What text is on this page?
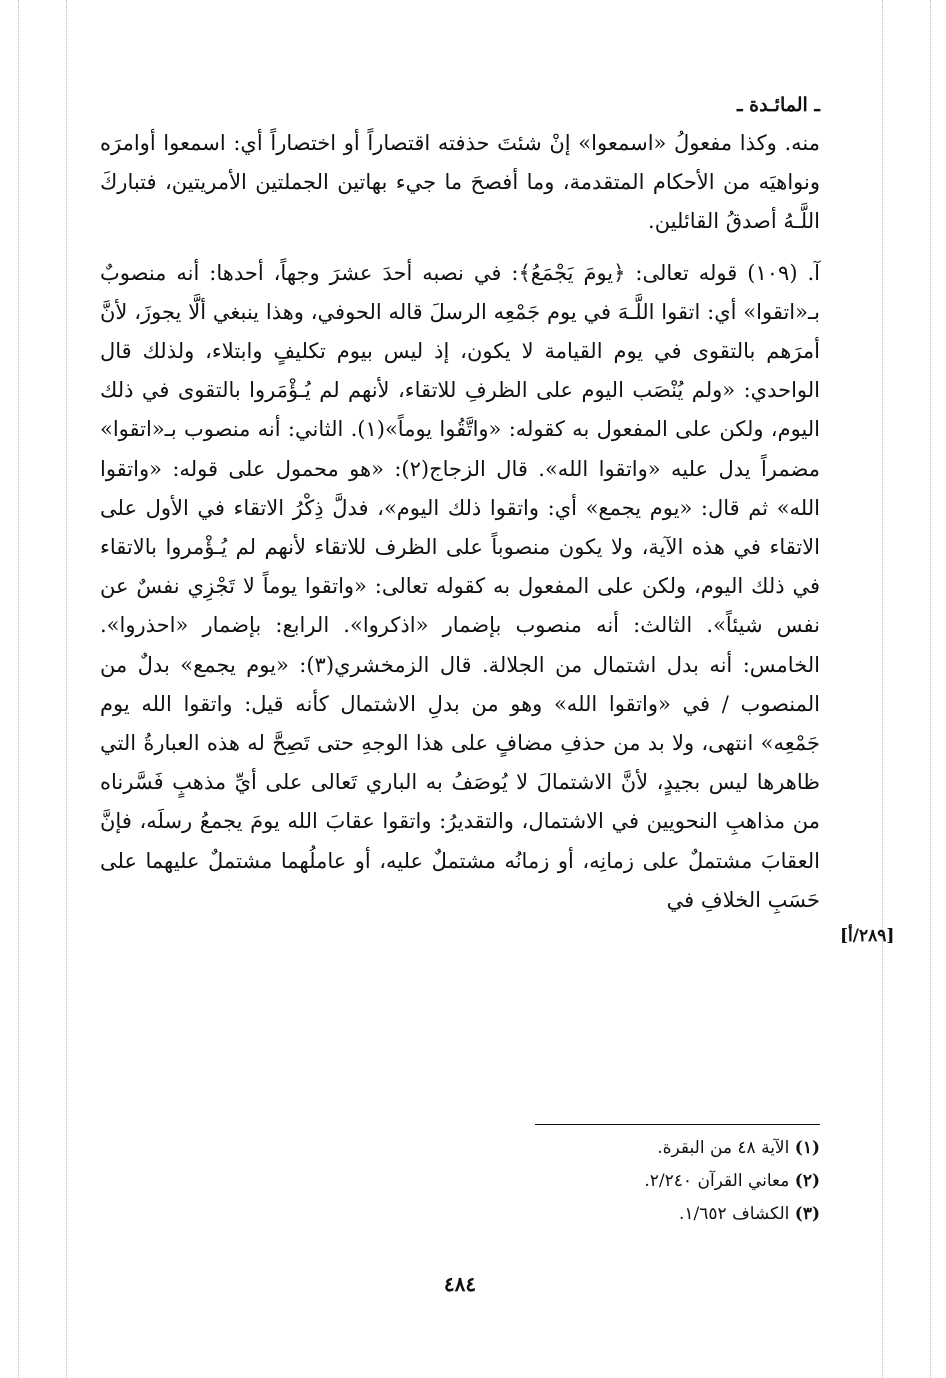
ـ المائـدة ـ

منه. وكذا مفعولُ «اسمعوا» إنْ شئتَ حذفته اقتصاراً أو اختصاراً أي: اسمعوا أوامرَه ونواهيَه من الأحكام المتقدمة، وما أفصحَ ما جيء بهاتين الجملتين الأمريتين، فتباركَ اللَّـهُ أصدقُ القائلين.

آ. (١٠٩) قوله تعالى: ﴿يومَ يَجْمَعُ﴾: في نصبه أحدَ عشرَ وجهاً، أحدها: أنه منصوبٌ بـ«اتقوا» أي: اتقوا اللَّـهَ في يوم جَمْعِه الرسلَ قاله الحوفي، وهذا ينبغي ألَّا يجوزَ، لأنَّ أمرَهم بالتقوى في يوم القيامة لا يكون، إذ ليس بيوم تكليفٍ وابتلاء، ولذلك قال الواحدي: «ولم يُنْصَب اليوم على الظرفِ للاتقاء، لأنهم لم يُـؤْمَروا بالتقوى في ذلك اليوم، ولكن على المفعول به كقوله: «واتَّقُوا يوماً»(١). الثاني: أنه منصوب بـ«اتقوا» مضمراً يدل عليه «واتقوا الله». قال الزجاج(٢): «هو محمول على قوله: «واتقوا الله» ثم قال: «يوم يجمع» أي: واتقوا ذلك اليوم»، فدلَّ ذِكْرُ الاتقاء في الأول على الاتقاء في هذه الآية، ولا يكون منصوباً على الظرف للاتقاء لأنهم لم يُـؤْمروا بالاتقاء في ذلك اليوم، ولكن على المفعول به كقوله تعالى: «واتقوا يوماً لا تَجْزِي نفسٌ عن نفس شيئاً». الثالث: أنه منصوب بإضمار «اذكروا». الرابع: بإضمار «احذروا». الخامس: أنه بدل اشتمال من الجلالة. قال الزمخشري(٣): «يوم يجمع» بدلٌ من المنصوب / في «واتقوا الله» وهو من بدلِ الاشتمال كأنه قيل: واتقوا الله يوم جَمْعِه» انتهى، ولا بد من حذفِ مضافٍ على هذا الوجهِ حتى تَصِحَّ له هذه العبارةُ التي ظاهرها ليس بجيدٍ، لأنَّ الاشتمالَ لا يُوصَفُ به الباري تَعالى على أيِّ مذهبٍ فَسَّرناه من مذاهبِ النحويين في الاشتمال، والتقديرُ: واتقوا عقابَ الله يومَ يجمعُ رسلَه، فإنَّ العقابَ مشتملٌ على زمانِه، أو زمانُه مشتملٌ عليه، أو عاملُهما مشتملٌ عليهما على حَسَبِ الخلافِ في

[٢٨٩/أ]
(١) الآية ٤٨ من البقرة.
(٢) معاني القرآن ٢/٢٤٠.
(٣) الكشاف ١/٦٥٢.
٤٨٤
